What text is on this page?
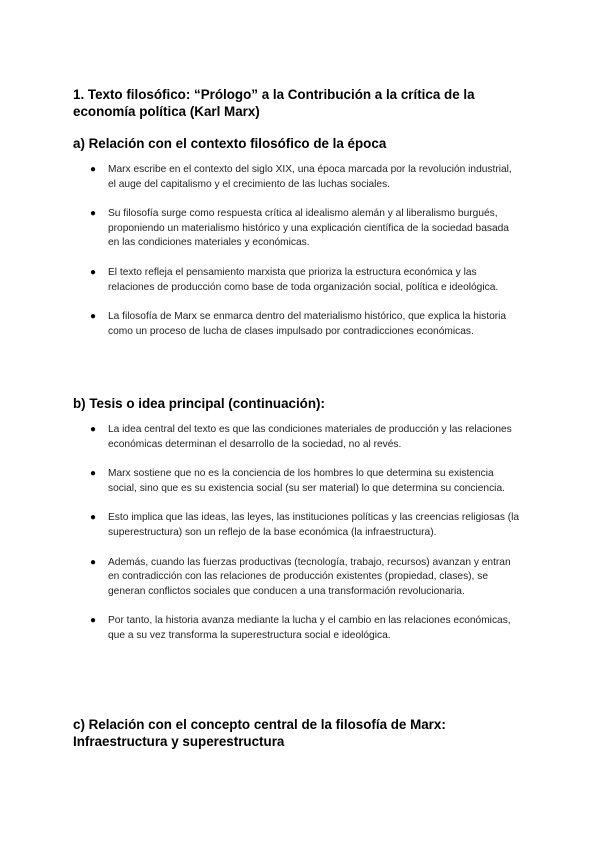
1. Texto filosófico: “Prólogo” a la Contribución a la crítica de la economía política (Karl Marx)
a) Relación con el contexto filosófico de la época
● Marx escribe en el contexto del siglo XIX, una época marcada por la revolución industrial, el auge del capitalismo y el crecimiento de las luchas sociales.
● Su filosofía surge como respuesta crítica al idealismo alemán y al liberalismo burgués, proponiendo un materialismo histórico y una explicación científica de la sociedad basada en las condiciones materiales y económicas.
● El texto refleja el pensamiento marxista que prioriza la estructura económica y las relaciones de producción como base de toda organización social, política e ideológica.
● La filosofía de Marx se enmarca dentro del materialismo histórico, que explica la historia como un proceso de lucha de clases impulsado por contradicciones económicas.
b) Tesis o idea principal (continuación):
● La idea central del texto es que las condiciones materiales de producción y las relaciones económicas determinan el desarrollo de la sociedad, no al revés.
● Marx sostiene que no es la conciencia de los hombres lo que determina su existencia social, sino que es su existencia social (su ser material) lo que determina su conciencia.
● Esto implica que las ideas, las leyes, las instituciones políticas y las creencias religiosas (la superestructura) son un reflejo de la base económica (la infraestructura).
● Además, cuando las fuerzas productivas (tecnología, trabajo, recursos) avanzan y entran en contradicción con las relaciones de producción existentes (propiedad, clases), se generan conflictos sociales que conducen a una transformación revolucionaria.
● Por tanto, la historia avanza mediante la lucha y el cambio en las relaciones económicas, que a su vez transforma la superestructura social e ideológica.
c) Relación con el concepto central de la filosofía de Marx: Infraestructura y superestructura
